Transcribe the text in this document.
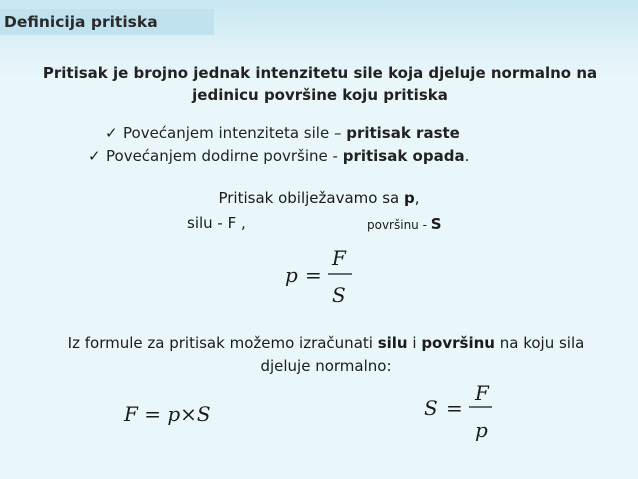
Definicija pritiska
Pritisak je brojno jednak intenzitetu sile koja djeluje normalno na jedinicu površine koju pritiska
✓ Povećanjem intenziteta sile – pritisak raste
✓ Povećanjem dodirne površine - pritisak opada.
Pritisak obilježavamo sa p,
silu - F ,	površinu - S
p =
F
S
Iz formule za pritisak možemo izračunati silu i površinu na koju sila djeluje normalno:
F = p×S	S =
F
p
